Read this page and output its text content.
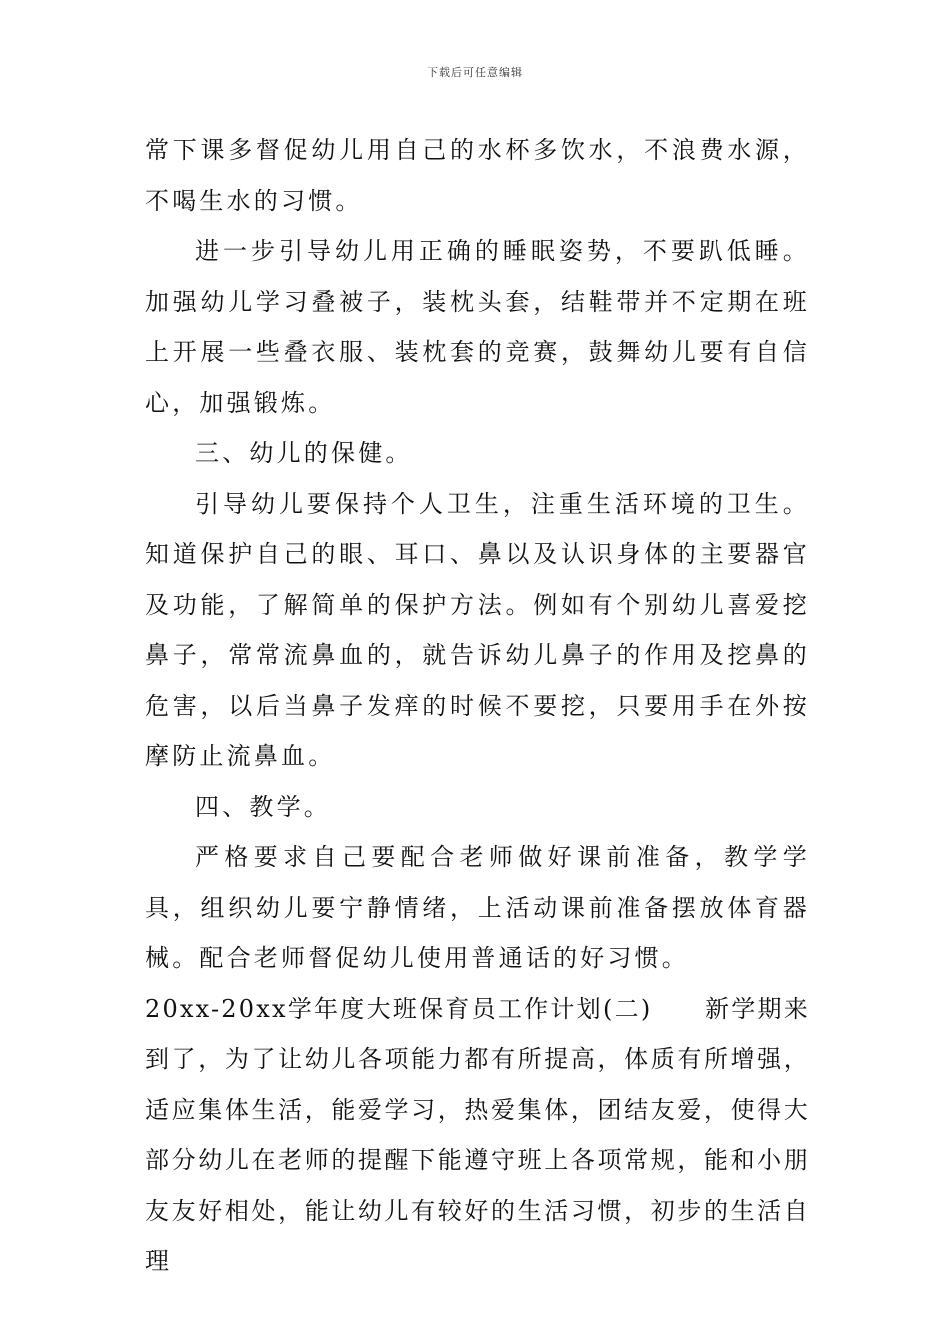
下载后可任意编辑

常下课多督促幼儿用自己的水杯多饮水，不浪费水源，不喝生水的习惯。

进一步引导幼儿用正确的睡眠姿势，不要趴低睡。加强幼儿学习叠被子，装枕头套，结鞋带并不定期在班上开展一些叠衣服、装枕套的竞赛，鼓舞幼儿要有自信心，加强锻炼。

三、幼儿的保健。

引导幼儿要保持个人卫生，注重生活环境的卫生。知道保护自己的眼、耳口、鼻以及认识身体的主要器官及功能，了解简单的保护方法。例如有个别幼儿喜爱挖鼻子，常常流鼻血的，就告诉幼儿鼻子的作用及挖鼻的危害，以后当鼻子发痒的时候不要挖，只要用手在外按摩防止流鼻血。

四、教学。

严格要求自己要配合老师做好课前准备，教学学具，组织幼儿要宁静情绪，上活动课前准备摆放体育器械。配合老师督促幼儿使用普通话的好习惯。

20xx-20xx学年度大班保育员工作计划(二)　　新学期来到了，为了让幼儿各项能力都有所提高，体质有所增强，适应集体生活，能爱学习，热爱集体，团结友爱，使得大部分幼儿在老师的提醒下能遵守班上各项常规，能和小朋友友好相处，能让幼儿有较好的生活习惯，初步的生活自理
